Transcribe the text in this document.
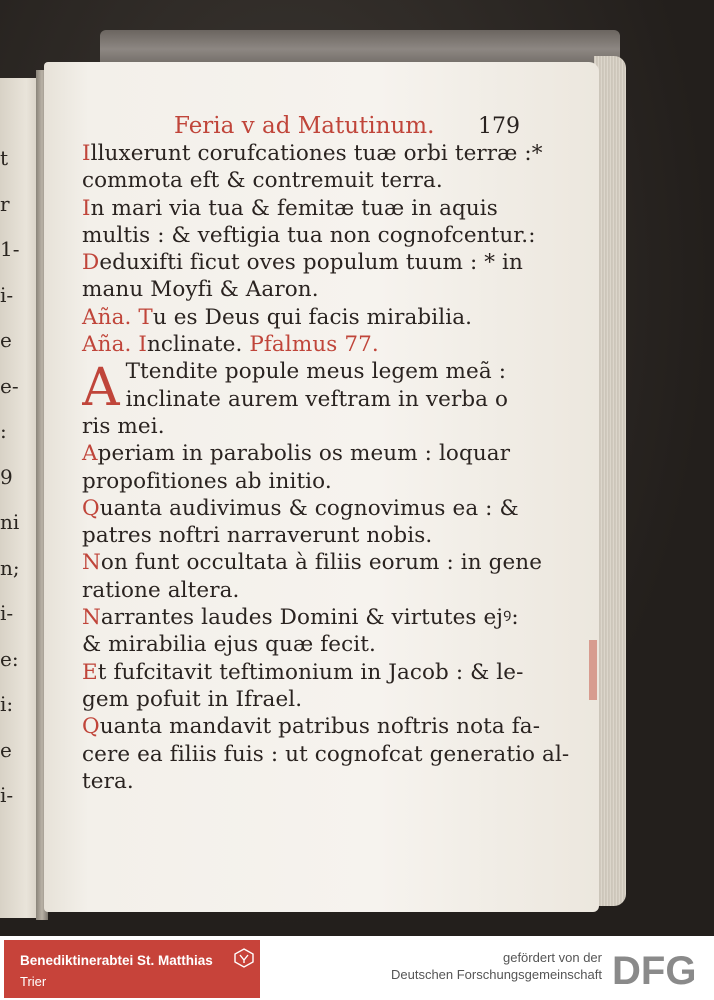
t
r
1-
i-
e
e-
:
9
ni
n;
i-
e:
i:
e
i-
Feria v ad Matutinum. 179
Illuxerunt corufcationes tuæ orbi terræ :*
commota eft & contremuit terra.
In mari via tua & femitæ tuæ in aquis
multis : & veftigia tua non cognofcentur.:
Deduxifti ficut oves populum tuum : * in
manu Moyfi & Aaron.
Aña. Tu es Deus qui facis mirabilia.
Aña. Inclinate. Pfalmus 77.
A Ttendite popule meus legem meã :
inclinate aurem veftram in verba o
ris mei.
Aperiam in parabolis os meum : loquar
propofitiones ab initio.
Quanta audivimus & cognovimus ea : &
patres noftri narraverunt nobis.
Non funt occultata à filiis eorum : in gene
ratione altera.
Narrantes laudes Domini & virtutes ejꝰ:
& mirabilia ejus quæ fecit.
Et fufcitavit teftimonium in Jacob : & le-
gem pofuit in Ifrael.
Quanta mandavit patribus noftris nota fa-
cere ea filiis fuis : ut cognofcat generatio al-
tera.
Benediktinerabtei St. Matthias
Trier
gefördert von der
Deutschen Forschungsgemeinschaft DFG
